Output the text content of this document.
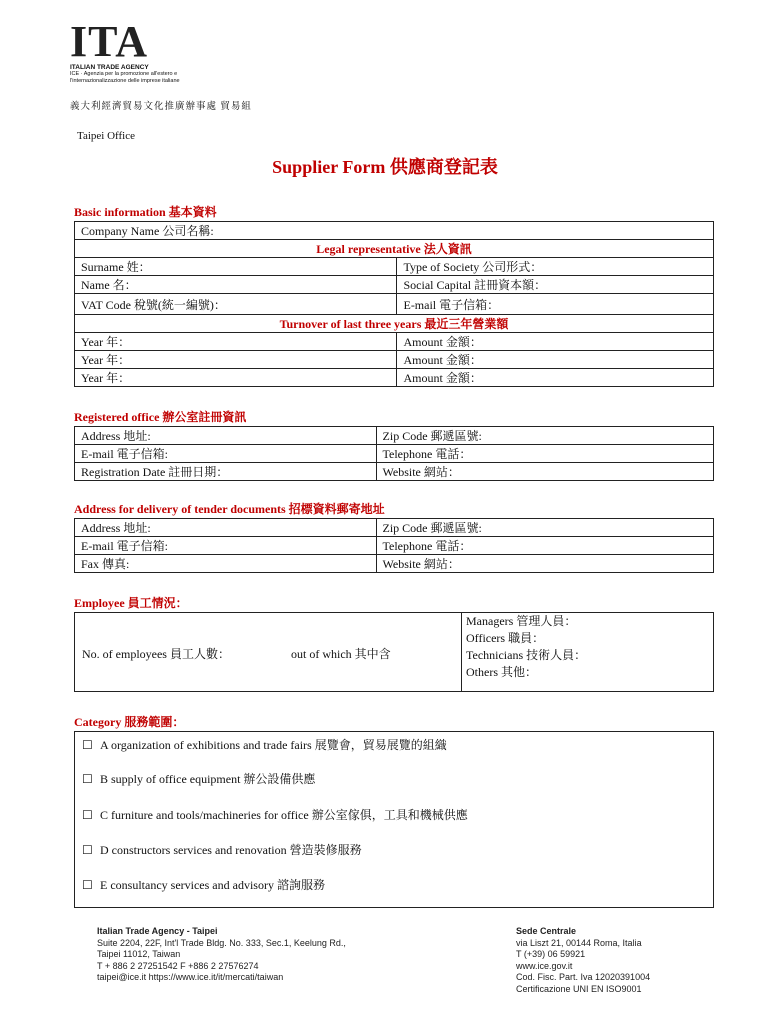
ITA
ITALIAN TRADE AGENCY
ICE · Agenzia per la promozione all'estero e
l'internazionalizzazione delle imprese italiane
義大利經濟貿易文化推廣辦事處 貿易組
Taipei Office
Supplier Form 供應商登記表
Basic information 基本資料
Company Name 公司名稱:	
Legal representative 法人資訊	
Surname 姓：	Type of Society 公司形式：
Name 名：	Social Capital 註冊資本額：
VAT Code 稅號(統一編號)：	E-mail 電子信箱：
Turnover of last three years 最近三年營業額	
Year 年：	Amount 金額：
Year 年：	Amount 金額：
Year 年：	Amount 金額：
Registered office 辦公室註冊資訊
Address 地址:	Zip Code 郵遞區號:
E-mail 電子信箱:	Telephone 電話：
Registration Date 註冊日期：	Website 網站：
Address for delivery of tender documents 招標資料郵寄地址
Address 地址:	Zip Code 郵遞區號:
E-mail 電子信箱:	Telephone 電話：
Fax 傳真:	Website 網站：
Employee 員工情況：
No. of employees 員工人數：	out of which 其中含
Managers 管理人員：
Officers 職員：
Technicians 技術人員：
Others 其他：
Category 服務範圍：
☐ A organization of exhibitions and trade fairs 展覽會，貿易展覽的組織
☐ B supply of office equipment 辦公設備供應
☐ C furniture and tools/machineries for office 辦公室傢俱，工具和機械供應
☐ D constructors services and renovation 營造裝修服務
☐ E consultancy services and advisory 諮詢服務
Italian Trade Agency - Taipei
Suite 2204, 22F, Int'l Trade Bldg. No. 333, Sec.1, Keelung Rd.,
Taipei 11012, Taiwan
T + 886 2 27251542 F +886 2 27576274
taipei@ice.it https://www.ice.it/it/mercati/taiwan
Sede Centrale
via Liszt 21, 00144 Roma, Italia
T (+39) 06 59921
www.ice.gov.it
Cod. Fisc. Part. Iva 12020391004
Certificazione UNI EN ISO9001
